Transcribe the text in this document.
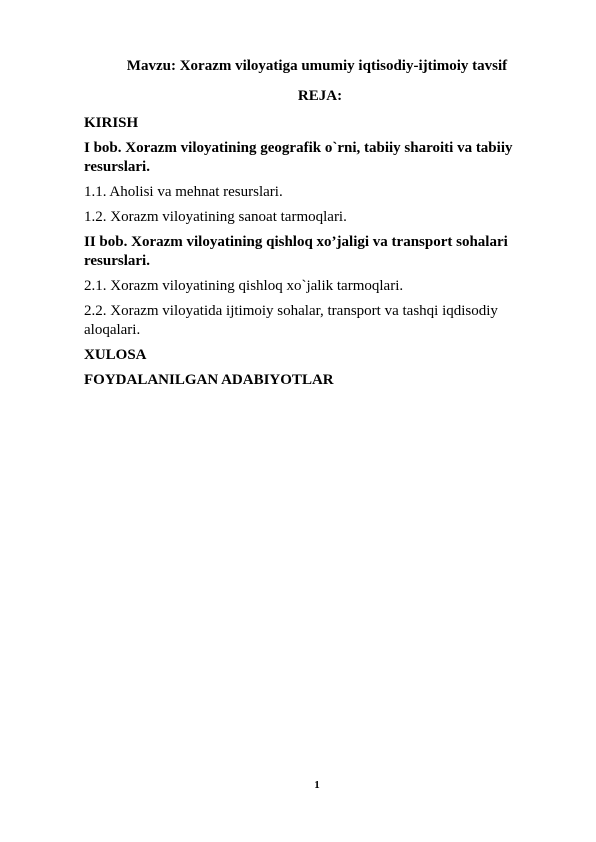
Mavzu: Xorazm viloyatiga umumiy iqtisodiy-ijtimoiy tavsif
REJA:
KIRISH
I bob. Xorazm viloyatining geografik o`rni, tabiiy sharoiti va tabiiy resurslari.
1.1. Aholisi va mehnat resurslari.
1.2. Xorazm viloyatining sanoat tarmoqlari.
II bob. Xorazm viloyatining qishloq xo’jaligi va transport sohalari resurslari.
2.1. Xorazm viloyatining qishloq xo`jalik tarmoqlari.
2.2. Xorazm viloyatida ijtimoiy sohalar, transport va tashqi iqdisodiy aloqalari.
XULOSA
FOYDALANILGAN ADABIYOTLAR
1
